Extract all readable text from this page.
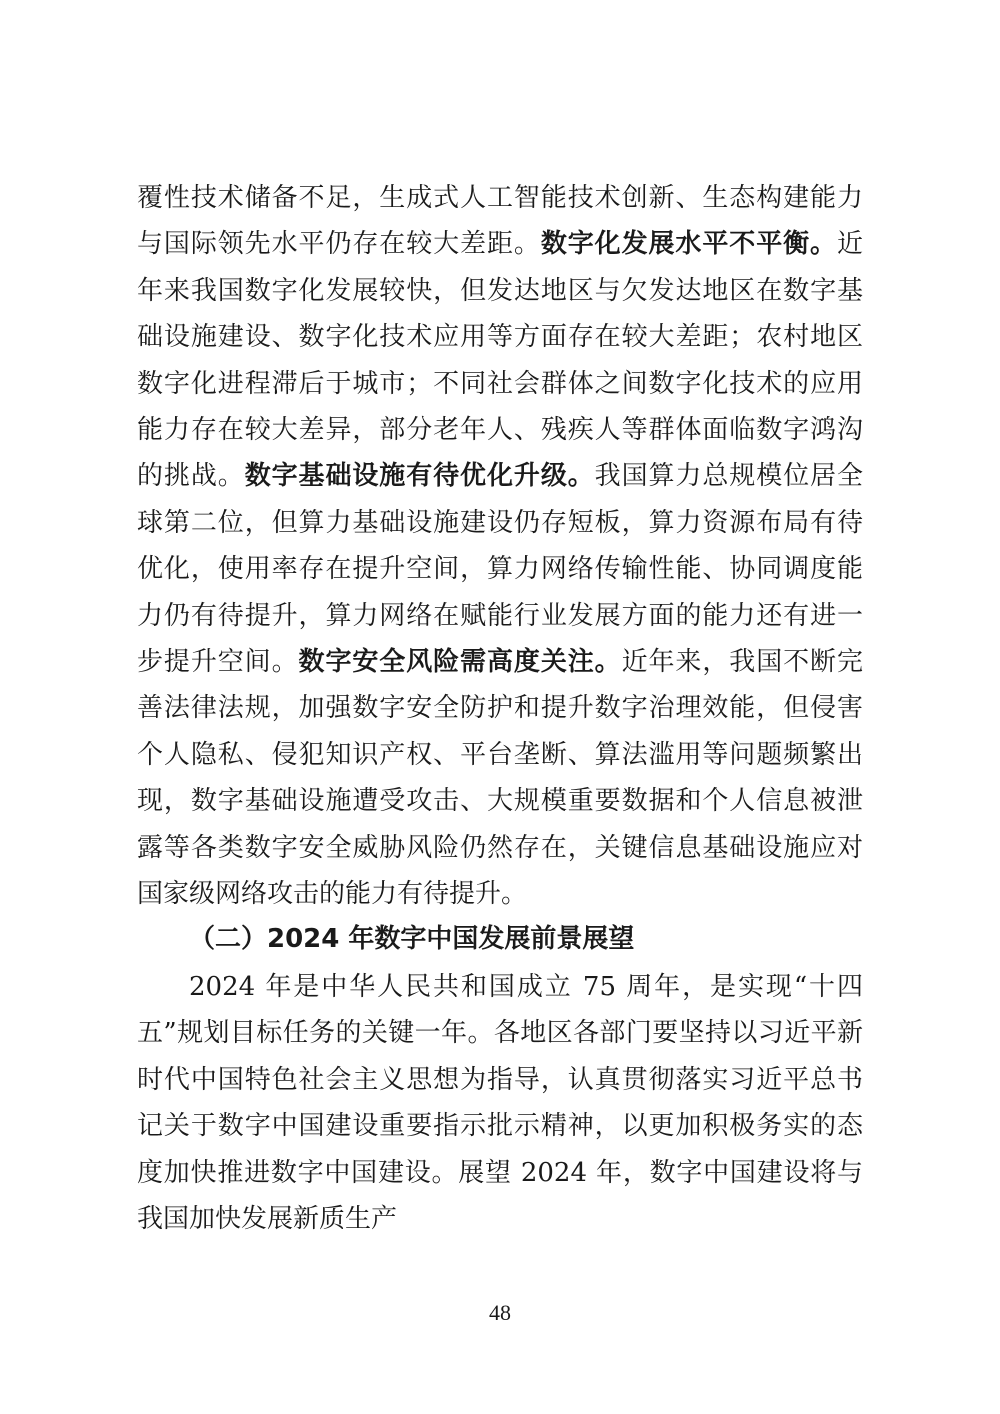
覆性技术储备不足，生成式人工智能技术创新、生态构建能力与国际领先水平仍存在较大差距。数字化发展水平不平衡。近年来我国数字化发展较快，但发达地区与欠发达地区在数字基础设施建设、数字化技术应用等方面存在较大差距；农村地区数字化进程滞后于城市；不同社会群体之间数字化技术的应用能力存在较大差异，部分老年人、残疾人等群体面临数字鸿沟的挑战。数字基础设施有待优化升级。我国算力总规模位居全球第二位，但算力基础设施建设仍存短板，算力资源布局有待优化，使用率存在提升空间，算力网络传输性能、协同调度能力仍有待提升，算力网络在赋能行业发展方面的能力还有进一步提升空间。数字安全风险需高度关注。近年来，我国不断完善法律法规，加强数字安全防护和提升数字治理效能，但侵害个人隐私、侵犯知识产权、平台垄断、算法滥用等问题频繁出现，数字基础设施遭受攻击、大规模重要数据和个人信息被泄露等各类数字安全威胁风险仍然存在，关键信息基础设施应对国家级网络攻击的能力有待提升。

（二）2024 年数字中国发展前景展望

2024 年是中华人民共和国成立 75 周年，是实现“十四五”规划目标任务的关键一年。各地区各部门要坚持以习近平新时代中国特色社会主义思想为指导，认真贯彻落实习近平总书记关于数字中国建设重要指示批示精神，以更加积极务实的态度加快推进数字中国建设。展望 2024 年，数字中国建设将与我国加快发展新质生产

48
